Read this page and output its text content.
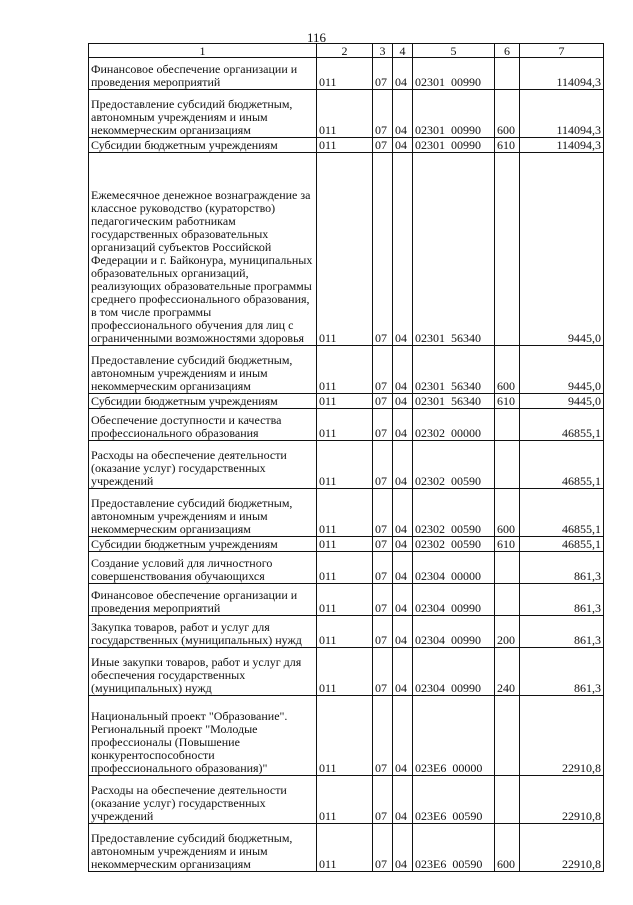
116
1	2	3	4	5	6	7
Финансовое обеспечение организации и проведения мероприятий	011	07	04	02301  00990		114094,3
Предоставление субсидий бюджетным, автономным учреждениям и иным некоммерческим организациям	011	07	04	02301  00990	600	114094,3
Субсидии бюджетным учреждениям	011	07	04	02301  00990	610	114094,3
Ежемесячное денежное вознаграждение за классное руководство (кураторство) педагогическим работникам государственных образовательных организаций субъектов Российской Федерации и г. Байконура, муниципальных образовательных организаций, реализующих образовательные программы среднего профессионального образования, в том числе программы профессионального обучения для лиц с ограниченными возможностями здоровья	011	07	04	02301  56340		9445,0
Предоставление субсидий бюджетным, автономным учреждениям и иным некоммерческим организациям	011	07	04	02301  56340	600	9445,0
Субсидии бюджетным учреждениям	011	07	04	02301  56340	610	9445,0
Обеспечение доступности и качества профессионального образования	011	07	04	02302  00000		46855,1
Расходы на обеспечение деятельности (оказание услуг) государственных учреждений	011	07	04	02302  00590		46855,1
Предоставление субсидий бюджетным, автономным учреждениям и иным некоммерческим организациям	011	07	04	02302  00590	600	46855,1
Субсидии бюджетным учреждениям	011	07	04	02302  00590	610	46855,1
Создание условий для личностного совершенствования обучающихся	011	07	04	02304  00000		861,3
Финансовое обеспечение организации и проведения мероприятий	011	07	04	02304  00990		861,3
Закупка товаров, работ и услуг для государственных (муниципальных) нужд	011	07	04	02304  00990	200	861,3
Иные закупки товаров, работ и услуг для обеспечения государственных (муниципальных) нужд	011	07	04	02304  00990	240	861,3
Национальный проект "Образование". Региональный проект "Молодые профессионалы (Повышение конкурентоспособности профессионального образования)"	011	07	04	023E6  00000		22910,8
Расходы на обеспечение деятельности (оказание услуг) государственных учреждений	011	07	04	023E6  00590		22910,8
Предоставление субсидий бюджетным, автономным учреждениям и иным некоммерческим организациям	011	07	04	023E6  00590	600	22910,8
